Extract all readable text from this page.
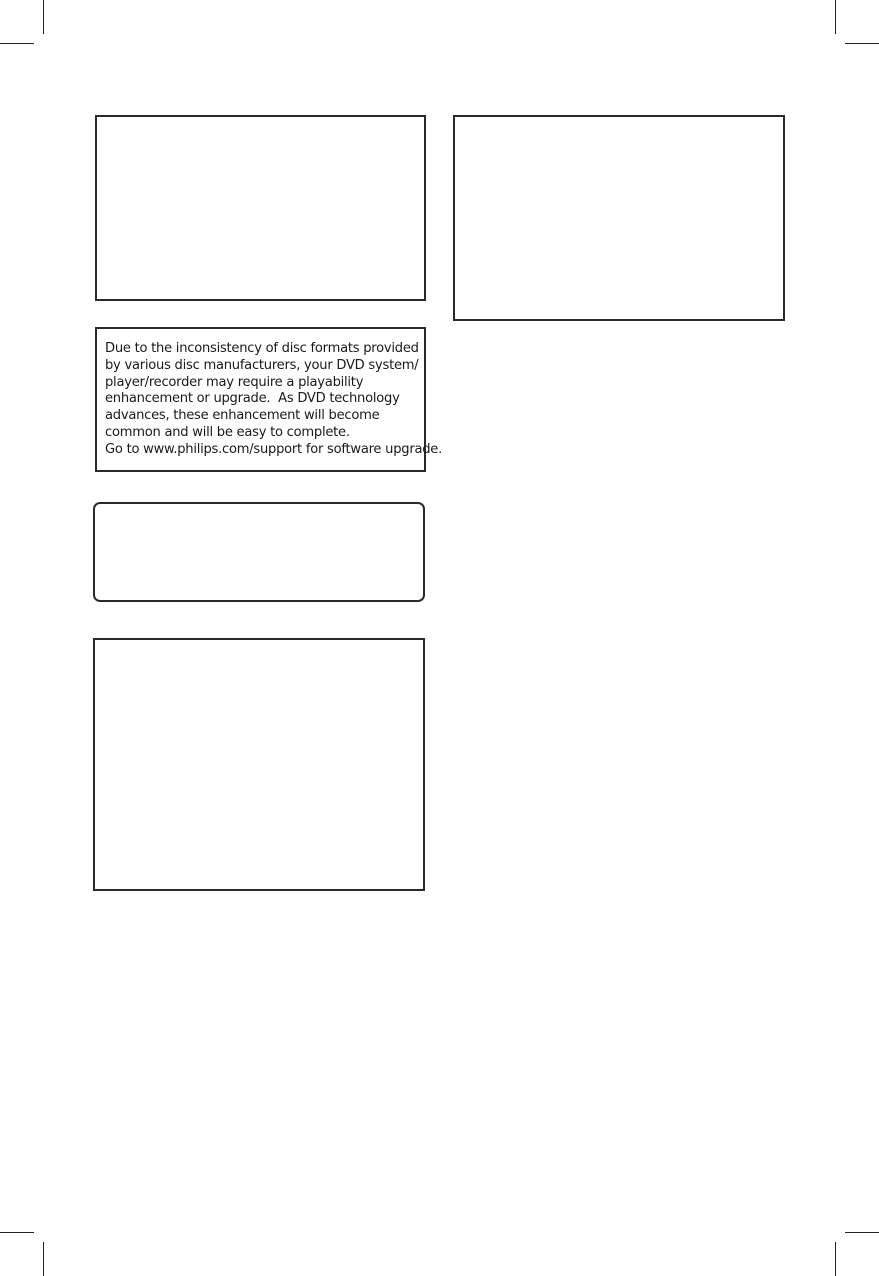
Due to the inconsistency of disc formats provided
by various disc manufacturers, your DVD system/
player/recorder may require a playability
enhancement or upgrade.  As DVD technology
advances, these enhancement will become
common and will be easy to complete.
Go to www.philips.com/support for software upgrade.
